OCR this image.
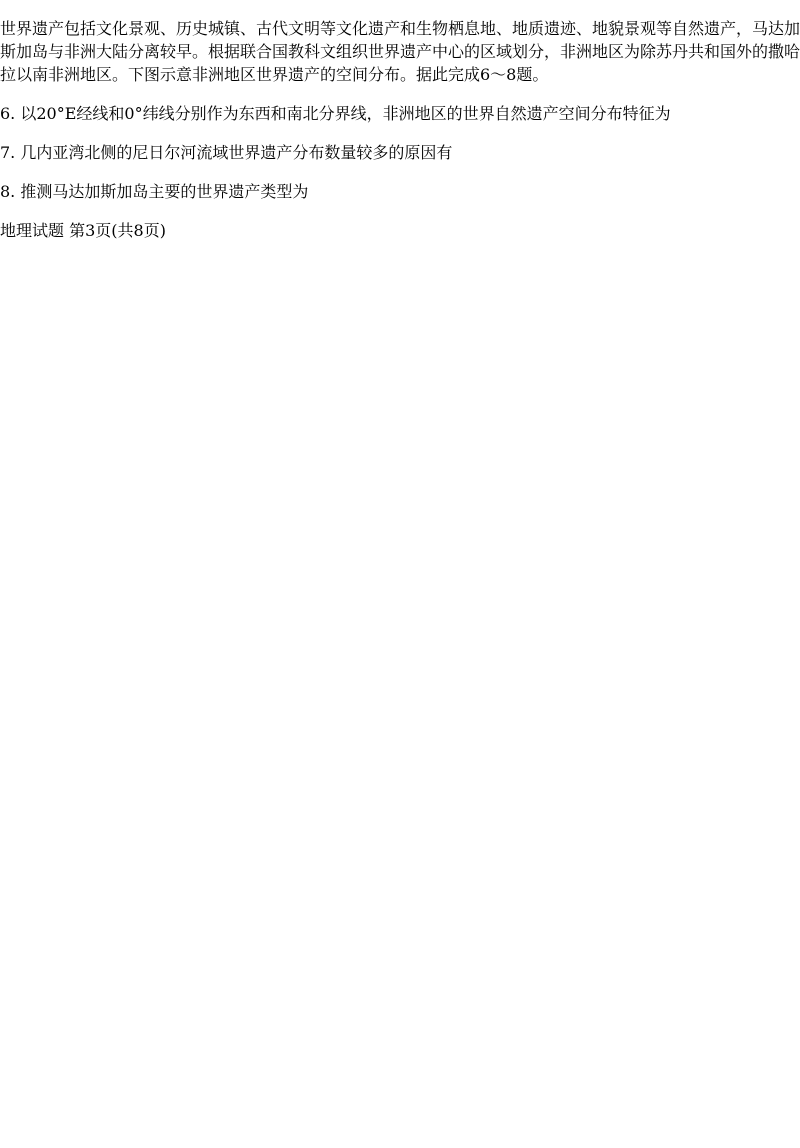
世界遗产包括文化景观、历史城镇、古代文明等文化遗产和生物栖息地、地质遗迹、地貌景观等自然遗产，马达加斯加岛与非洲大陆分离较早。根据联合国教科文组织世界遗产中心的区域划分，非洲地区为除苏丹共和国外的撒哈拉以南非洲地区。下图示意非洲地区世界遗产的空间分布。据此完成6～8题。

6. 以20°E经线和0°纬线分别作为东西和南北分界线，非洲地区的世界自然遗产空间分布特征为

7. 几内亚湾北侧的尼日尔河流域世界遗产分布数量较多的原因有

8. 推测马达加斯加岛主要的世界遗产类型为

地理试题 第3页(共8页)
